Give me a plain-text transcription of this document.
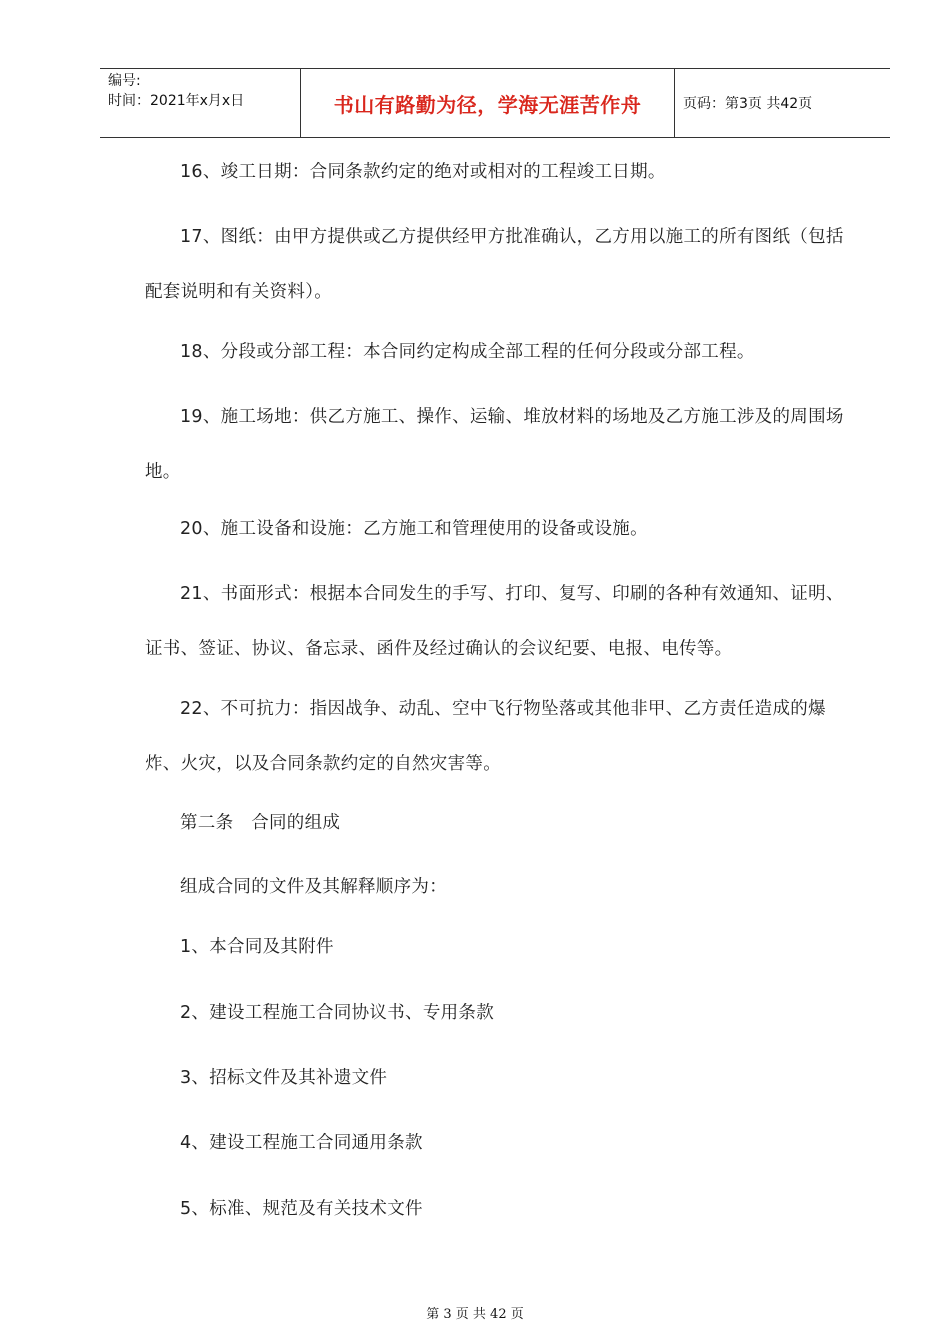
编号:
时间：2021年x月x日	书山有路勤为径，学海无涯苦作舟	页码：第3页 共42页
16、竣工日期：合同条款约定的绝对或相对的工程竣工日期。
17、图纸：由甲方提供或乙方提供经甲方批准确认，乙方用以施工的所有图纸（包括配套说明和有关资料）。
18、分段或分部工程：本合同约定构成全部工程的任何分段或分部工程。
19、施工场地：供乙方施工、操作、运输、堆放材料的场地及乙方施工涉及的周围场地。
20、施工设备和设施：乙方施工和管理使用的设备或设施。
21、书面形式：根据本合同发生的手写、打印、复写、印刷的各种有效通知、证明、证书、签证、协议、备忘录、函件及经过确认的会议纪要、电报、电传等。
22、不可抗力：指因战争、动乱、空中飞行物坠落或其他非甲、乙方责任造成的爆炸、火灾，以及合同条款约定的自然灾害等。
第二条　合同的组成
组成合同的文件及其解释顺序为：
1、本合同及其附件
2、建设工程施工合同协议书、专用条款
3、招标文件及其补遗文件
4、建设工程施工合同通用条款
5、标准、规范及有关技术文件
第 3 页 共 42 页
